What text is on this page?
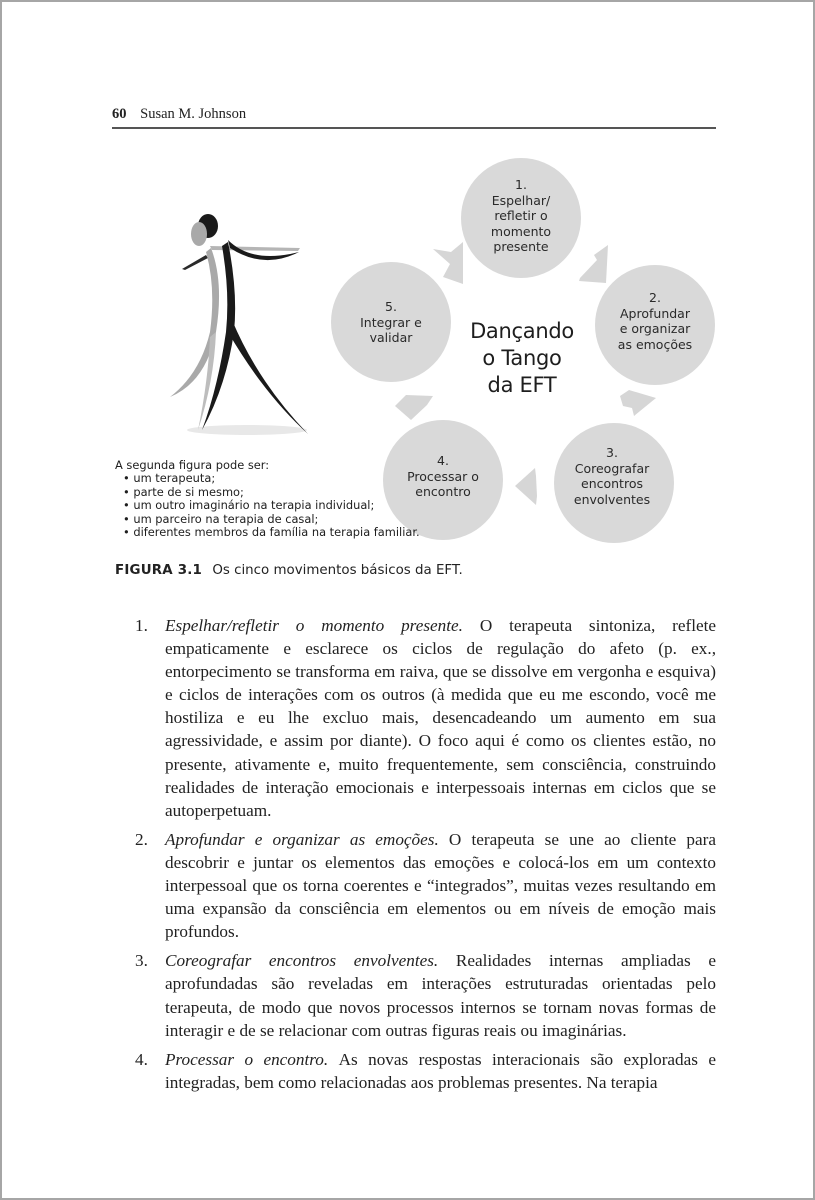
60 Susan M. Johnson
1.
Espelhar/
refletir o
momento
presente
2.
Aprofundar
e organizar
as emoções
3.
Coreografar
encontros
envolventes
4.
Processar o
encontro
5.
Integrar e
validar	Dançando
o Tango
da EFT
A segunda figura pode ser:
• um terapeuta;
• parte de si mesmo;
• um outro imaginário na terapia individual;
• um parceiro na terapia de casal;
• diferentes membros da família na terapia familiar.
FIGURA 3.1 Os cinco movimentos básicos da EFT.
1. Espelhar/refletir o momento presente. O terapeuta sintoniza, reflete empaticamente e esclarece os ciclos de regulação do afeto (p. ex., entorpecimento se transforma em raiva, que se dissolve em vergonha e esquiva) e ciclos de interações com os outros (à medida que eu me escondo, você me hostiliza e eu lhe excluo mais, desencadeando um aumento em sua agressividade, e assim por diante). O foco aqui é como os clientes estão, no presente, ativamente e, muito frequentemente, sem consciência, construindo realidades de interação emocionais e interpessoais internas em ciclos que se autoperpetuam.
2. Aprofundar e organizar as emoções. O terapeuta se une ao cliente para descobrir e juntar os elementos das emoções e colocá-los em um contexto interpessoal que os torna coerentes e “integrados”, muitas vezes resultando em uma expansão da consciência em elementos ou em níveis de emoção mais profundos.
3. Coreografar encontros envolventes. Realidades internas ampliadas e aprofundadas são reveladas em interações estruturadas orientadas pelo terapeuta, de modo que novos processos internos se tornam novas formas de interagir e de se relacionar com outras figuras reais ou imaginárias.
4. Processar o encontro. As novas respostas interacionais são exploradas e integradas, bem como relacionadas aos problemas presentes. Na terapia
